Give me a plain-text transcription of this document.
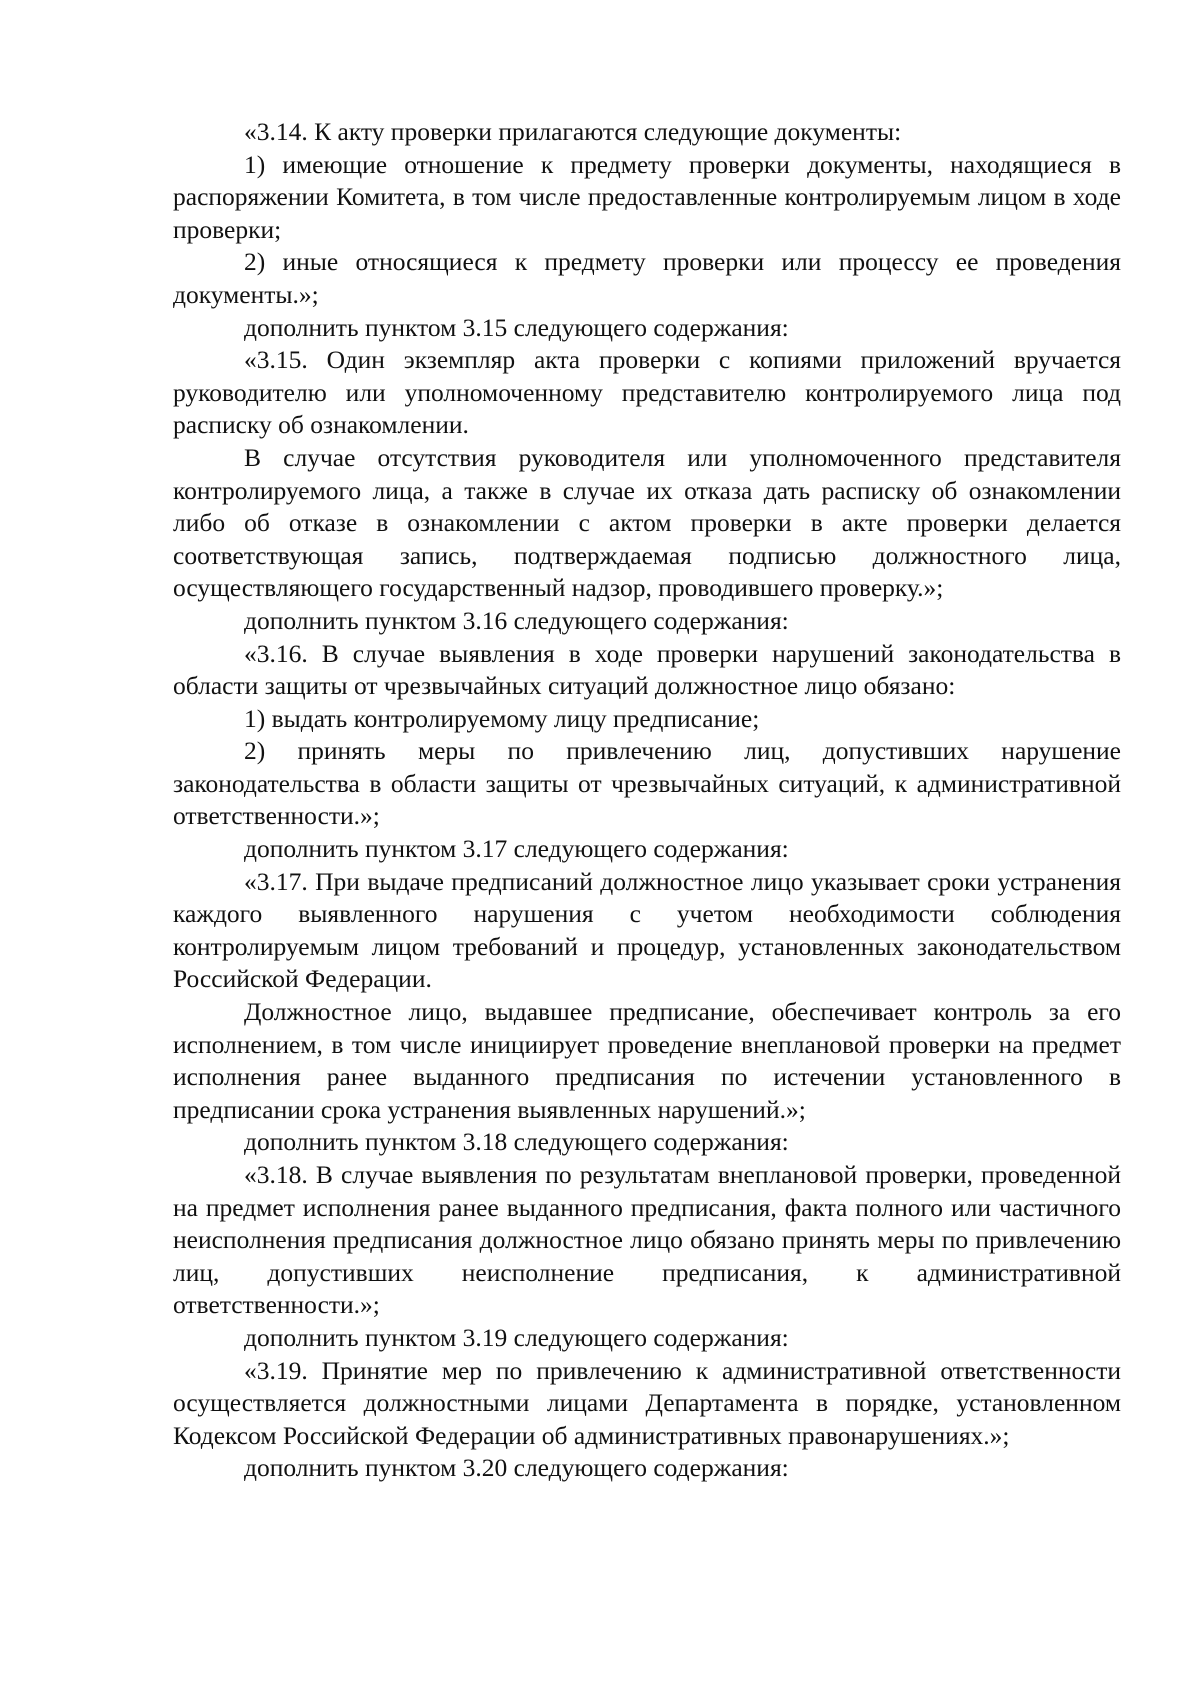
«3.14. К акту проверки прилагаются следующие документы:

1) имеющие отношение к предмету проверки документы, находящиеся в распоряжении Комитета, в том числе предоставленные контролируемым лицом в ходе проверки;

2) иные относящиеся к предмету проверки или процессу ее проведения документы.»;

дополнить пунктом 3.15 следующего содержания:

«3.15. Один экземпляр акта проверки с копиями приложений вручается руководителю или уполномоченному представителю контролируемого лица под расписку об ознакомлении.

В случае отсутствия руководителя или уполномоченного представителя контролируемого лица, а также в случае их отказа дать расписку об ознакомлении либо об отказе в ознакомлении с актом проверки в акте проверки делается соответствующая запись, подтверждаемая подписью должностного лица, осуществляющего государственный надзор, проводившего проверку.»;

дополнить пунктом 3.16 следующего содержания:

«3.16. В случае выявления в ходе проверки нарушений законодательства в области защиты от чрезвычайных ситуаций должностное лицо обязано:

1) выдать контролируемому лицу предписание;

2) принять меры по привлечению лиц, допустивших нарушение законодательства в области защиты от чрезвычайных ситуаций, к административной ответственности.»;

дополнить пунктом 3.17 следующего содержания:

«3.17. При выдаче предписаний должностное лицо указывает сроки устранения каждого выявленного нарушения с учетом необходимости соблюдения контролируемым лицом требований и процедур, установленных законодательством Российской Федерации.

Должностное лицо, выдавшее предписание, обеспечивает контроль за его исполнением, в том числе инициирует проведение внеплановой проверки на предмет исполнения ранее выданного предписания по истечении установленного в предписании срока устранения выявленных нарушений.»;

дополнить пунктом 3.18 следующего содержания:

«3.18. В случае выявления по результатам внеплановой проверки, проведенной на предмет исполнения ранее выданного предписания, факта полного или частичного неисполнения предписания должностное лицо обязано принять меры по привлечению лиц, допустивших неисполнение предписания, к административной ответственности.»;

дополнить пунктом 3.19 следующего содержания:

«3.19. Принятие мер по привлечению к административной ответственности осуществляется должностными лицами Департамента в порядке, установленном Кодексом Российской Федерации об административных правонарушениях.»;

дополнить пунктом 3.20 следующего содержания:
